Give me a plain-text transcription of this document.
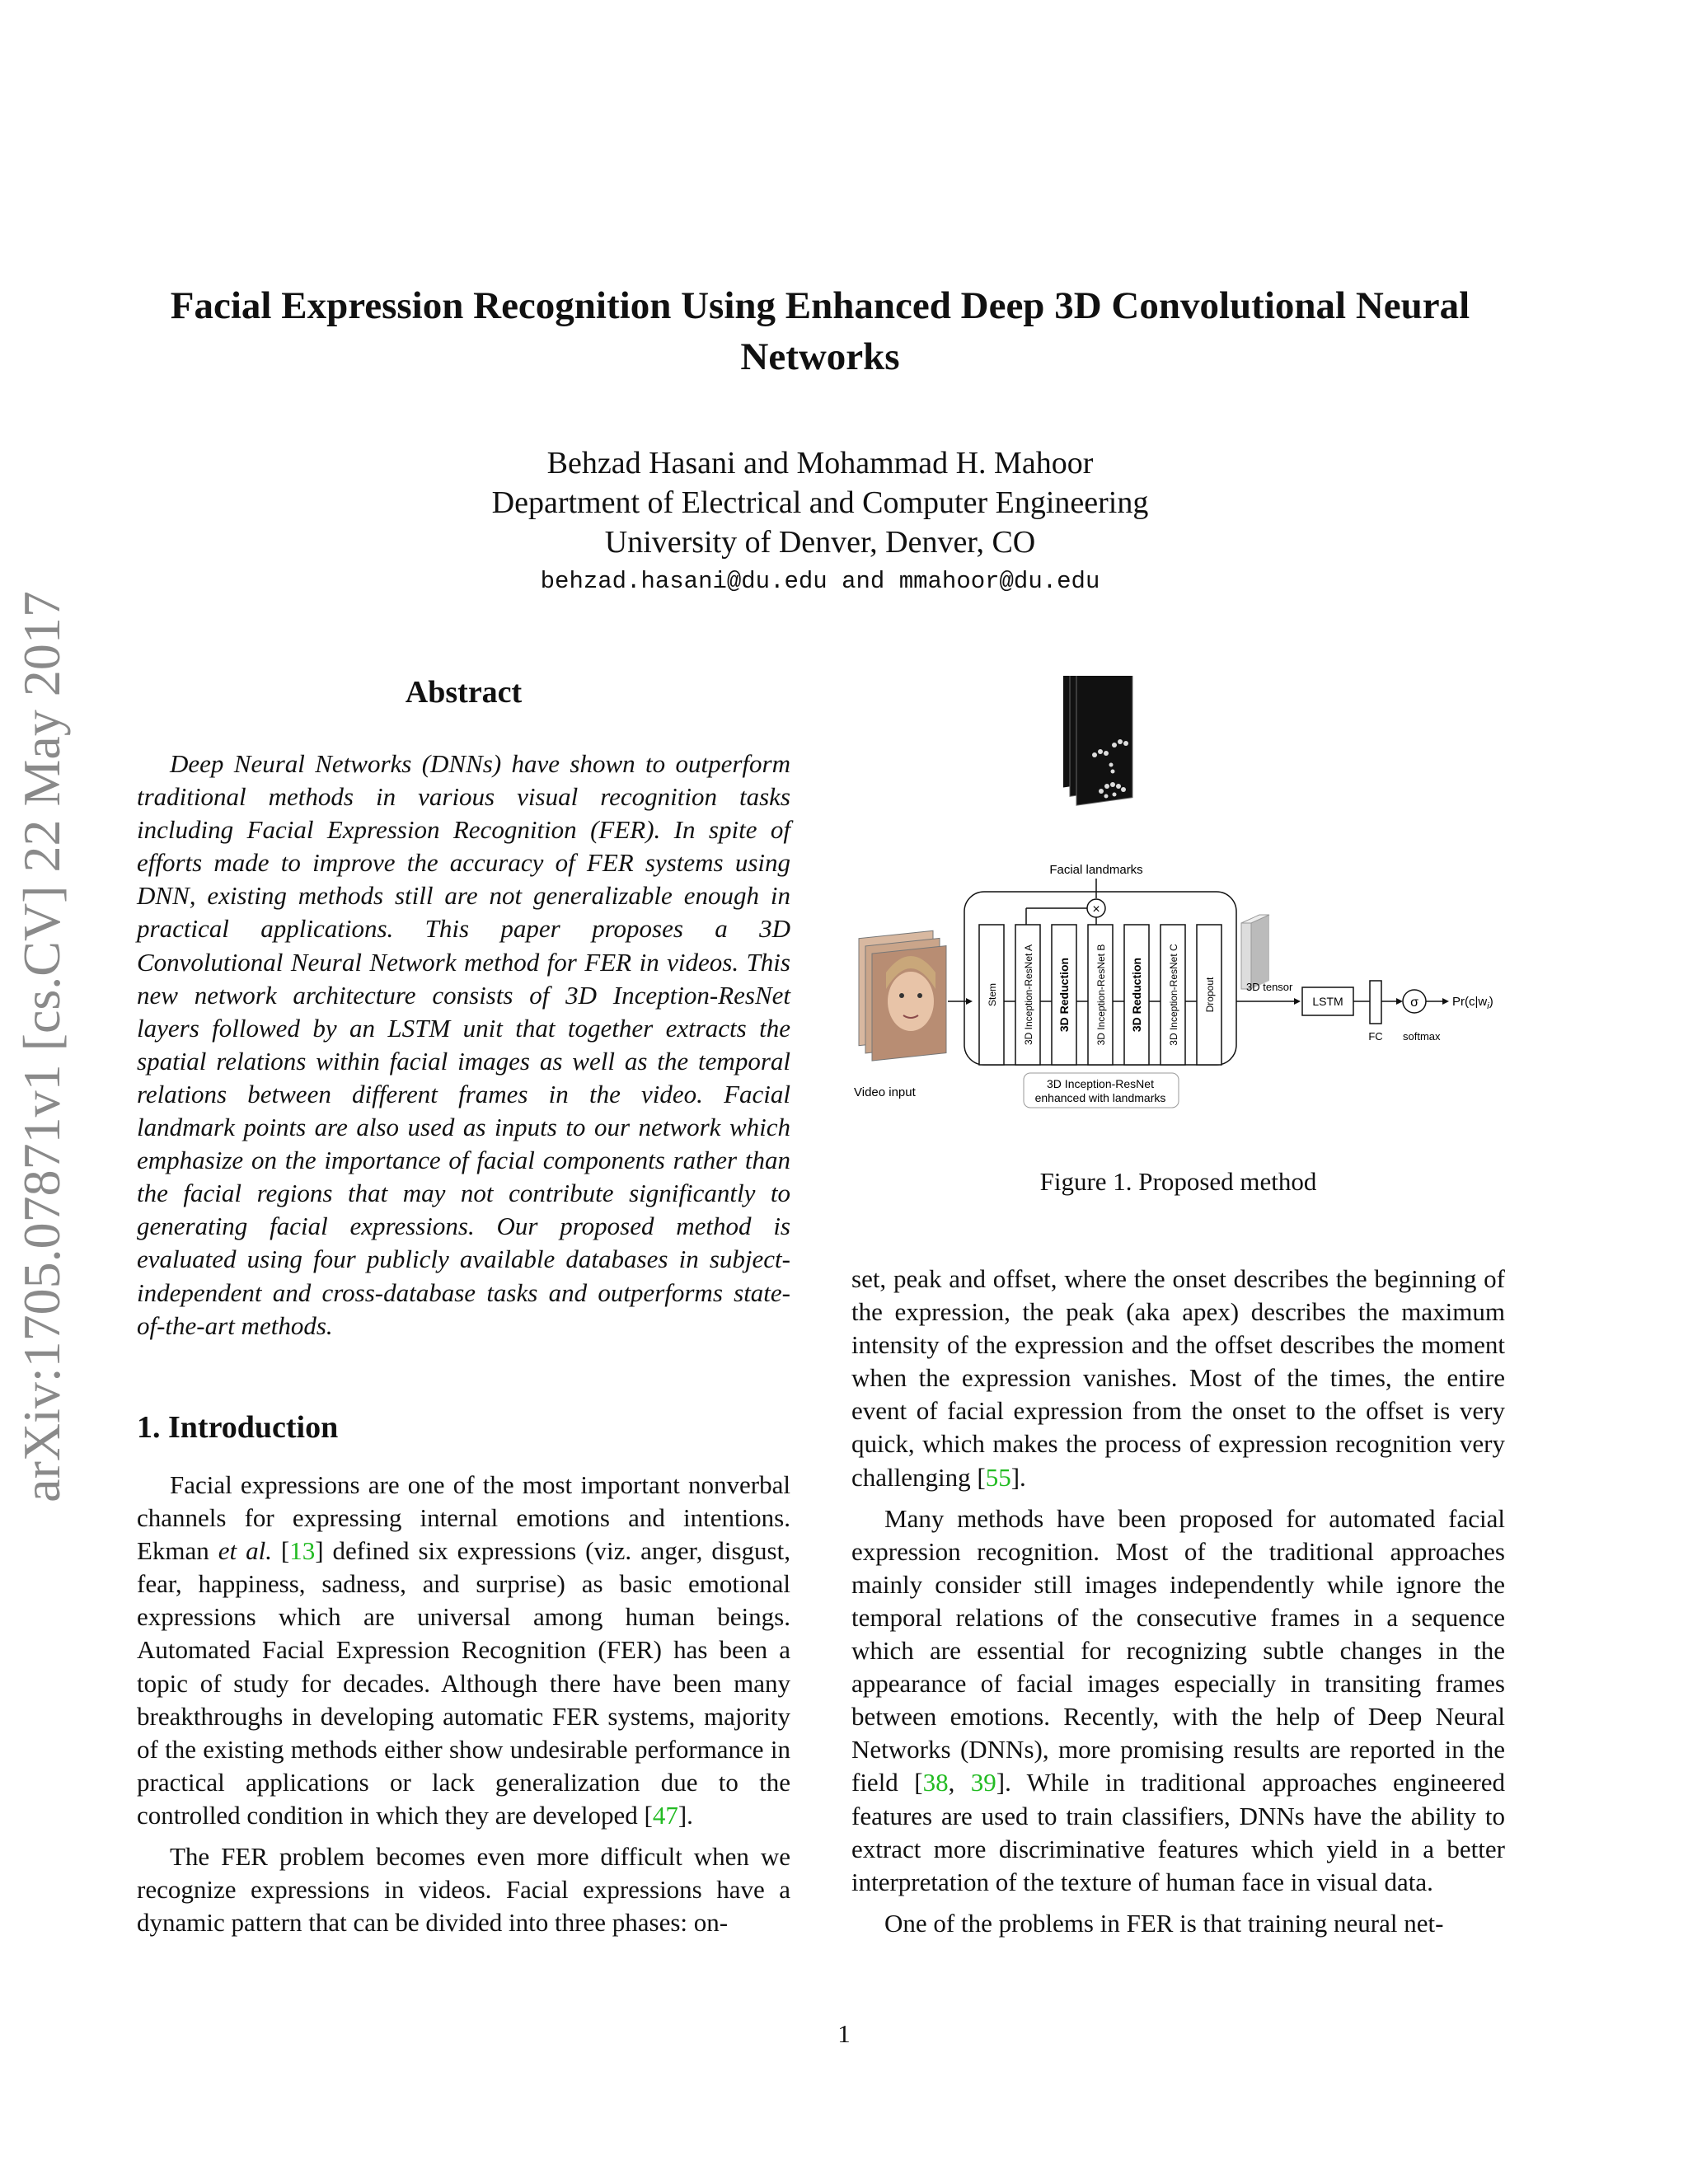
arXiv:1705.07871v1 [cs.CV] 22 May 2017
Facial Expression Recognition Using Enhanced Deep 3D Convolutional Neural Networks
Behzad Hasani and Mohammad H. Mahoor
Department of Electrical and Computer Engineering
University of Denver, Denver, CO
behzad.hasani@du.edu and mmahoor@du.edu
Abstract
Deep Neural Networks (DNNs) have shown to outperform traditional methods in various visual recognition tasks including Facial Expression Recognition (FER). In spite of efforts made to improve the accuracy of FER systems using DNN, existing methods still are not generalizable enough in practical applications. This paper proposes a 3D Convolutional Neural Network method for FER in videos. This new network architecture consists of 3D Inception-ResNet layers followed by an LSTM unit that together extracts the spatial relations within facial images as well as the temporal relations between different frames in the video. Facial landmark points are also used as inputs to our network which emphasize on the importance of facial components rather than the facial regions that may not contribute significantly to generating facial expressions. Our proposed method is evaluated using four publicly available databases in subject-independent and cross-database tasks and outperforms state-of-the-art methods.
1. Introduction

Facial expressions are one of the most important nonverbal channels for expressing internal emotions and intentions. Ekman et al. [13] defined six expressions (viz. anger, disgust, fear, happiness, sadness, and surprise) as basic emotional expressions which are universal among human beings. Automated Facial Expression Recognition (FER) has been a topic of study for decades. Although there have been many breakthroughs in developing automatic FER systems, majority of the existing methods either show undesirable performance in practical applications or lack generalization due to the controlled condition in which they are developed [47].

The FER problem becomes even more difficult when we recognize expressions in videos. Facial expressions have a dynamic pattern that can be divided into three phases: on-

Facial landmarks
×
Video input
Stem	3D Inception-ResNet A 3D Reduction	3D Inception-ResNet B 3D Reduction	3D Inception-ResNet C	Dropout
3D Inception-ResNet
enhanced with landmarks
3D tensor
LSTM
FC
σ
softmax
$Pr(c|w_i)$
Figure 1. Proposed method

set, peak and offset, where the onset describes the beginning of the expression, the peak (aka apex) describes the maximum intensity of the expression and the offset describes the moment when the expression vanishes. Most of the times, the entire event of facial expression from the onset to the offset is very quick, which makes the process of expression recognition very challenging [55].

Many methods have been proposed for automated facial expression recognition. Most of the traditional approaches mainly consider still images independently while ignore the temporal relations of the consecutive frames in a sequence which are essential for recognizing subtle changes in the appearance of facial images especially in transiting frames between emotions. Recently, with the help of Deep Neural Networks (DNNs), more promising results are reported in the field [38, 39]. While in traditional approaches engineered features are used to train classifiers, DNNs have the ability to extract more discriminative features which yield in a better interpretation of the texture of human face in visual data.

One of the problems in FER is that training neural net-

1
